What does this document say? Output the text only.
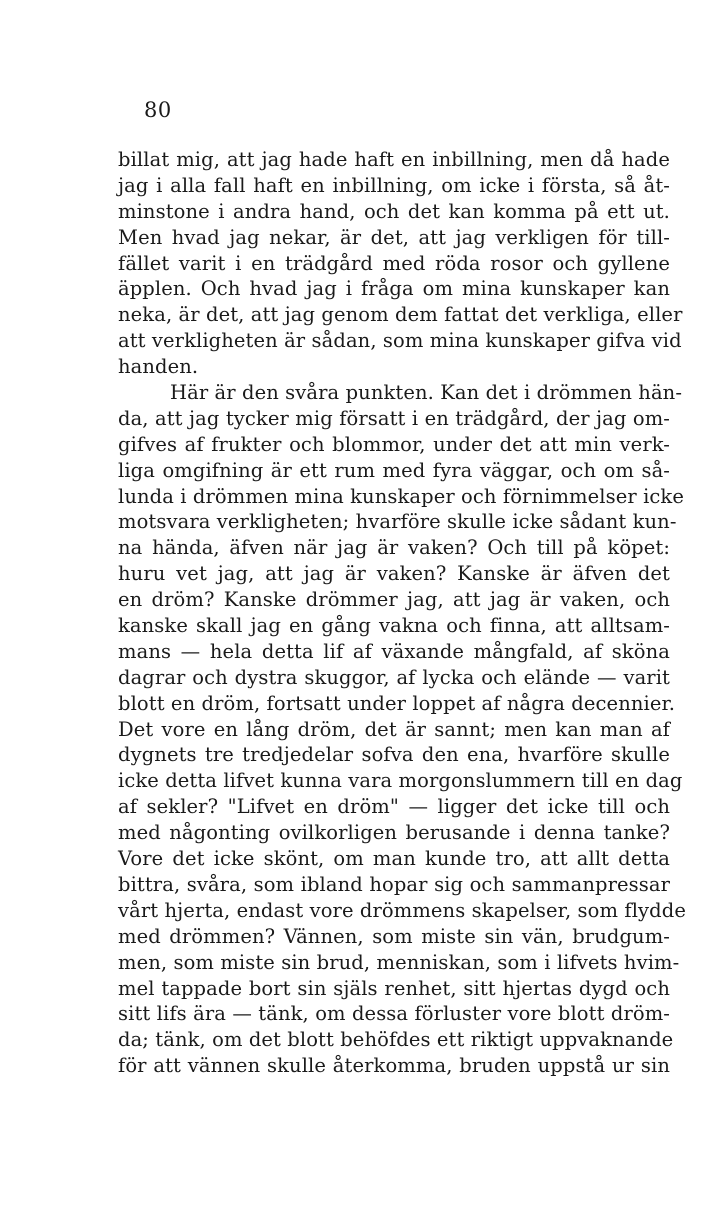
80
billat mig, att jag hade haft en inbillning, men då hade
jag i alla fall haft en inbillning, om icke i första, så åt-
minstone i andra hand, och det kan komma på ett ut.
Men hvad jag nekar, är det, att jag verkligen för till-
fället varit i en trädgård med röda rosor och gyllene
äpplen. Och hvad jag i fråga om mina kunskaper kan
neka, är det, att jag genom dem fattat det verkliga, eller
att verkligheten är sådan, som mina kunskaper gifva vid
handen.
Här är den svåra punkten. Kan det i drömmen hän-
da, att jag tycker mig försatt i en trädgård, der jag om-
gifves af frukter och blommor, under det att min verk-
liga omgifning är ett rum med fyra väggar, och om så-
lunda i drömmen mina kunskaper och förnimmelser icke
motsvara verkligheten; hvarföre skulle icke sådant kun-
na hända, äfven när jag är vaken? Och till på köpet:
huru vet jag, att jag är vaken? Kanske är äfven det
en dröm? Kanske drömmer jag, att jag är vaken, och
kanske skall jag en gång vakna och finna, att alltsam-
mans — hela detta lif af växande mångfald, af sköna
dagrar och dystra skuggor, af lycka och elände — varit
blott en dröm, fortsatt under loppet af några decennier.
Det vore en lång dröm, det är sannt; men kan man af
dygnets tre tredjedelar sofva den ena, hvarföre skulle
icke detta lifvet kunna vara morgonslummern till en dag
af sekler? "Lifvet en dröm" — ligger det icke till och
med någonting ovilkorligen berusande i denna tanke?
Vore det icke skönt, om man kunde tro, att allt detta
bittra, svåra, som ibland hopar sig och sammanpressar
vårt hjerta, endast vore drömmens skapelser, som flydde
med drömmen? Vännen, som miste sin vän, brudgum-
men, som miste sin brud, menniskan, som i lifvets hvim-
mel tappade bort sin själs renhet, sitt hjertas dygd och
sitt lifs ära — tänk, om dessa förluster vore blott dröm-
da; tänk, om det blott behöfdes ett riktigt uppvaknande
för att vännen skulle återkomma, bruden uppstå ur sin
